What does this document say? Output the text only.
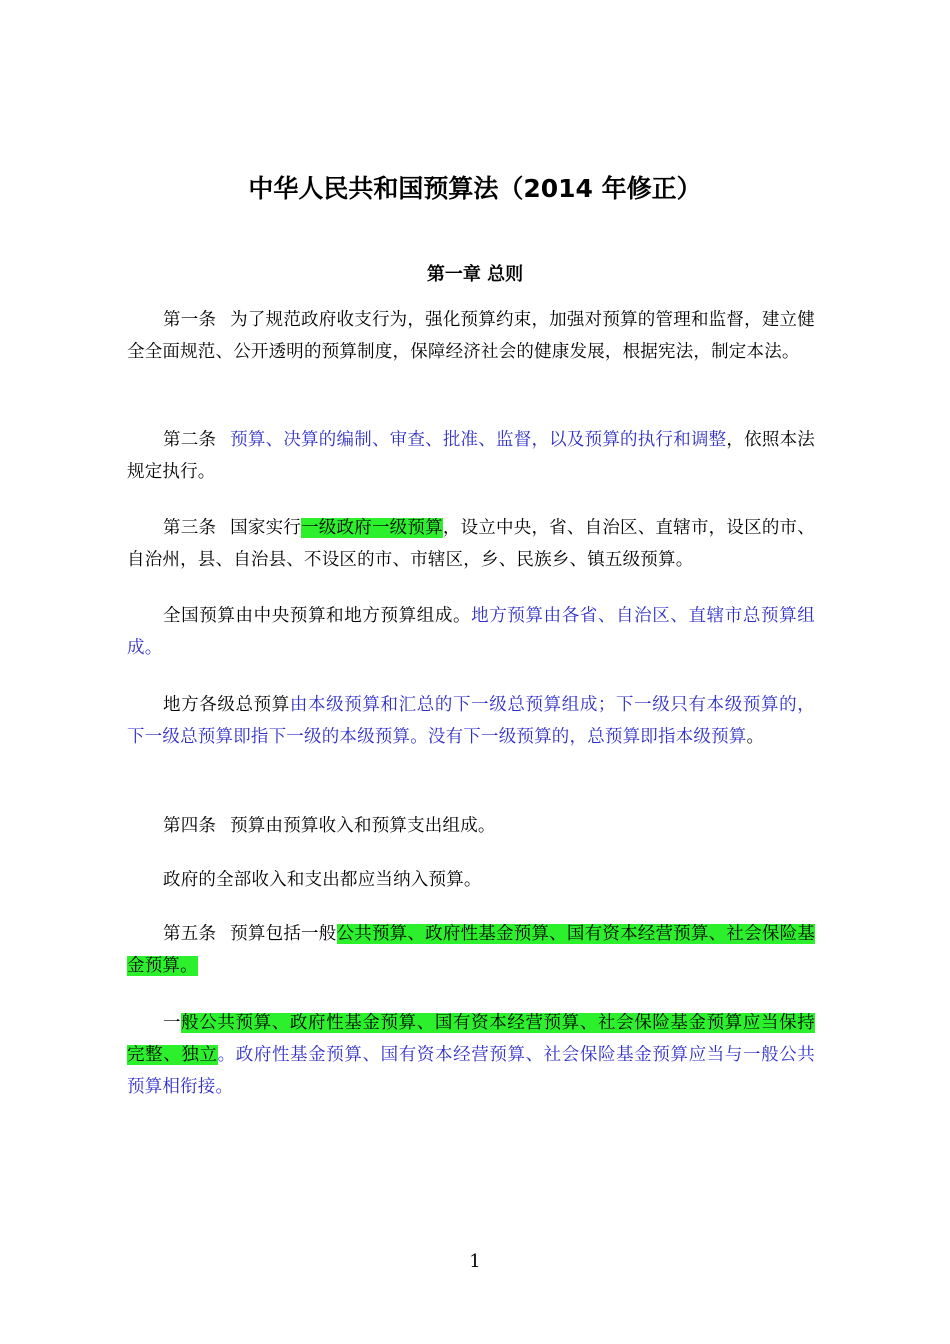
中华人民共和国预算法（2014 年修正）
第一章 总则

第一条 为了规范政府收支行为，强化预算约束，加强对预算的管理和监督，建立健全全面规范、公开透明的预算制度，保障经济社会的健康发展，根据宪法，制定本法。

第二条 预算、决算的编制、审查、批准、监督，以及预算的执行和调整，依照本法规定执行。

第三条 国家实行一级政府一级预算，设立中央，省、自治区、直辖市，设区的市、自治州，县、自治县、不设区的市、市辖区，乡、民族乡、镇五级预算。

全国预算由中央预算和地方预算组成。地方预算由各省、自治区、直辖市总预算组成。

地方各级总预算由本级预算和汇总的下一级总预算组成；下一级只有本级预算的，下一级总预算即指下一级的本级预算。没有下一级预算的，总预算即指本级预算。

第四条 预算由预算收入和预算支出组成。

政府的全部收入和支出都应当纳入预算。

第五条 预算包括一般公共预算、政府性基金预算、国有资本经营预算、社会保险基金预算。

一般公共预算、政府性基金预算、国有资本经营预算、社会保险基金预算应当保持完整、独立。政府性基金预算、国有资本经营预算、社会保险基金预算应当与一般公共预算相衔接。

1
